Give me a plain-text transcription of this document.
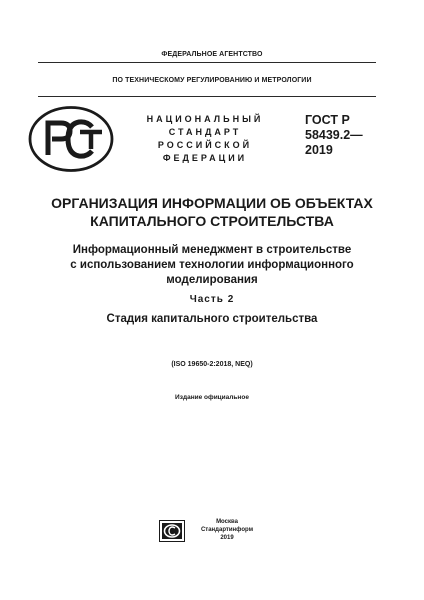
ФЕДЕРАЛЬНОЕ АГЕНТСТВО
ПО ТЕХНИЧЕСКОМУ РЕГУЛИРОВАНИЮ И МЕТРОЛОГИИ
НАЦИОНАЛЬНЫЙ
СТАНДАРТ
РОССИЙСКОЙ
ФЕДЕРАЦИИ
ГОСТ Р
58439.2—
2019
ОРГАНИЗАЦИЯ ИНФОРМАЦИИ ОБ ОБЪЕКТАХ
КАПИТАЛЬНОГО СТРОИТЕЛЬСТВА
Информационный менеджмент в строительстве
с использованием технологии информационного
моделирования
Часть 2
Стадия капитального строительства
(ISO 19650-2:2018, NEQ)
Издание официальное
Москва
Стандартинформ
2019
